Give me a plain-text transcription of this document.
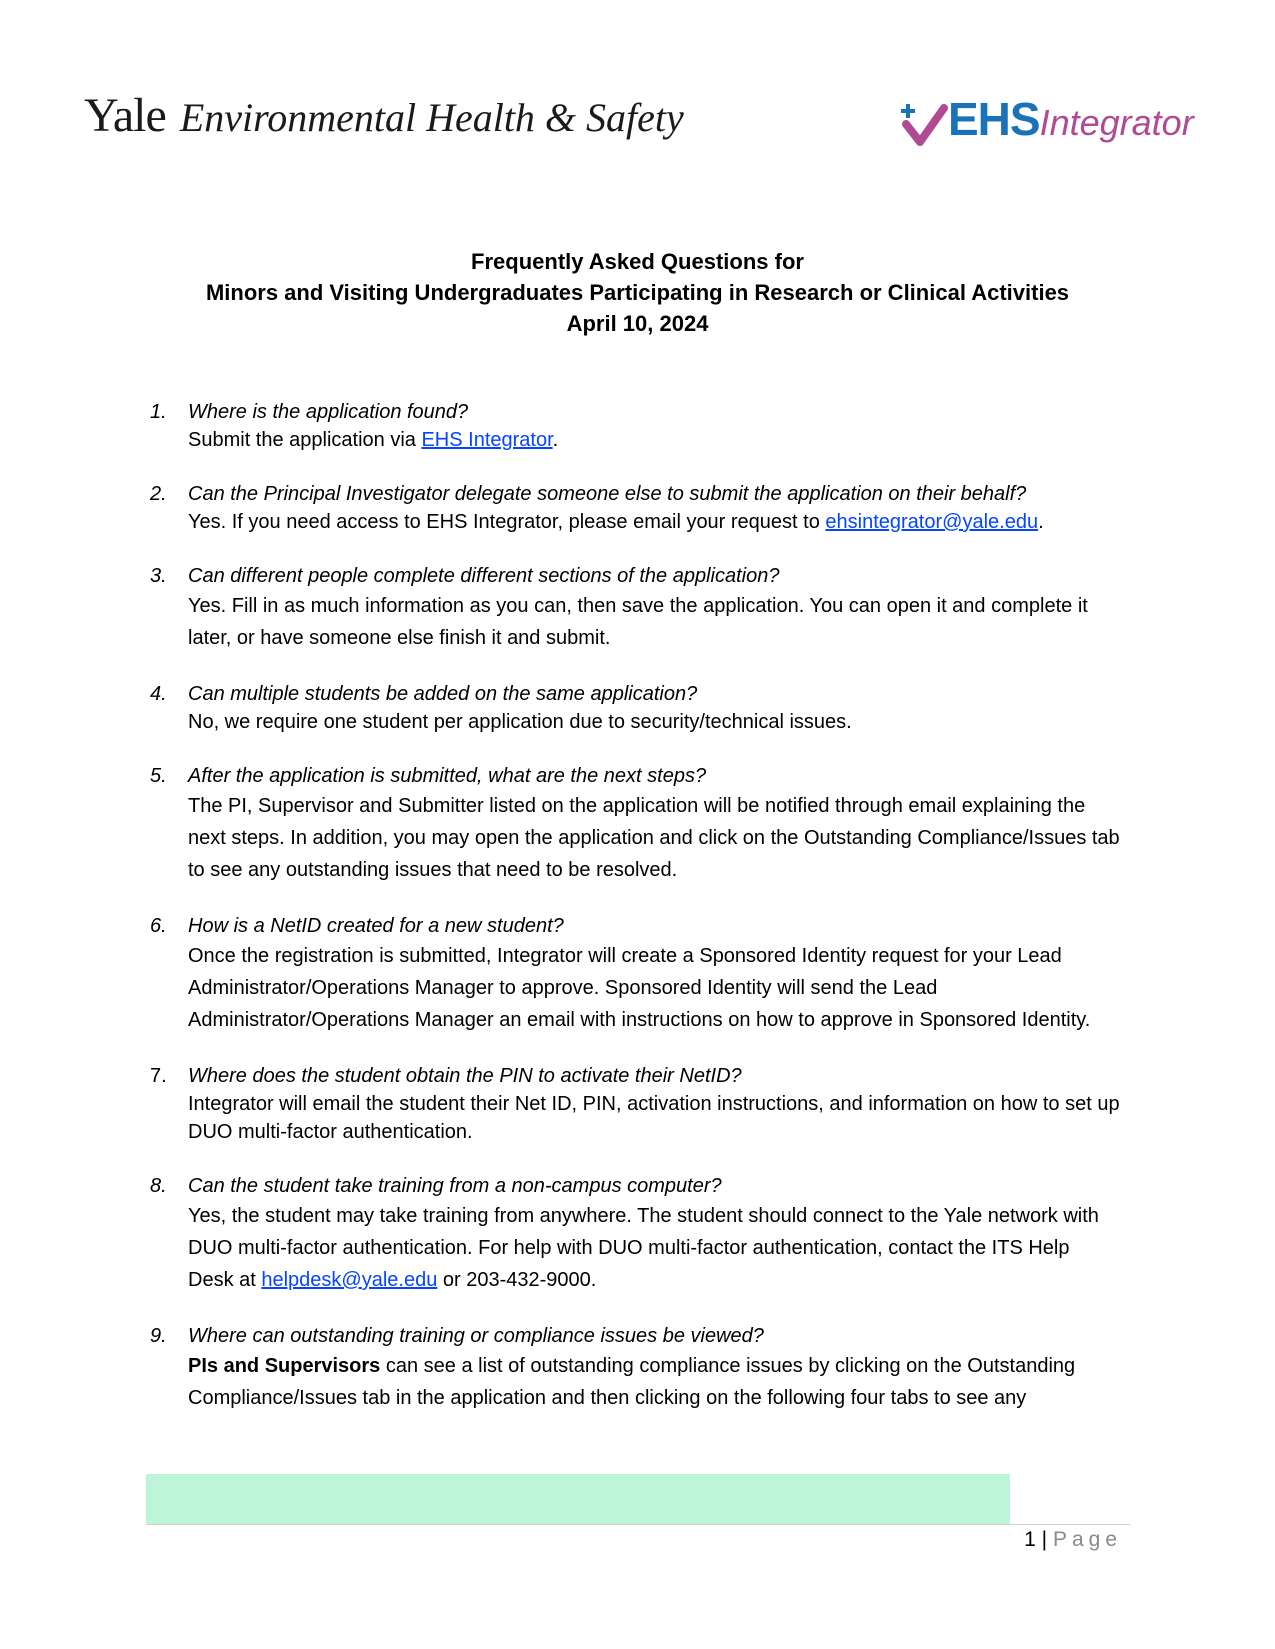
Yale Environmental Health & Safety	EHSIntegrator
Frequently Asked Questions for
Minors and Visiting Undergraduates Participating in Research or Clinical Activities
April 10, 2024
1.	Where is the application found?
Submit the application via EHS Integrator.
2.	Can the Principal Investigator delegate someone else to submit the application on their behalf?
Yes. If you need access to EHS Integrator, please email your request to ehsintegrator@yale.edu.
3.	Can different people complete different sections of the application?
Yes. Fill in as much information as you can, then save the application. You can open it and complete it later, or have someone else finish it and submit.
4.	Can multiple students be added on the same application?
No, we require one student per application due to security/technical issues.
5.	After the application is submitted, what are the next steps?
The PI, Supervisor and Submitter listed on the application will be notified through email explaining the next steps. In addition, you may open the application and click on the Outstanding Compliance/Issues tab to see any outstanding issues that need to be resolved.
6.	How is a NetID created for a new student?
Once the registration is submitted, Integrator will create a Sponsored Identity request for your Lead Administrator/Operations Manager to approve. Sponsored Identity will send the Lead Administrator/Operations Manager an email with instructions on how to approve in Sponsored Identity.
7.	Where does the student obtain the PIN to activate their NetID?
Integrator will email the student their Net ID, PIN, activation instructions, and information on how to set up DUO multi-factor authentication.
8.	Can the student take training from a non-campus computer?
Yes, the student may take training from anywhere. The student should connect to the Yale network with DUO multi-factor authentication. For help with DUO multi-factor authentication, contact the ITS Help Desk at helpdesk@yale.edu or 203-432-9000.
9.	Where can outstanding training or compliance issues be viewed?
PIs and Supervisors can see a list of outstanding compliance issues by clicking on the Outstanding Compliance/Issues tab in the application and then clicking on the following four tabs to see any
1 | Page
